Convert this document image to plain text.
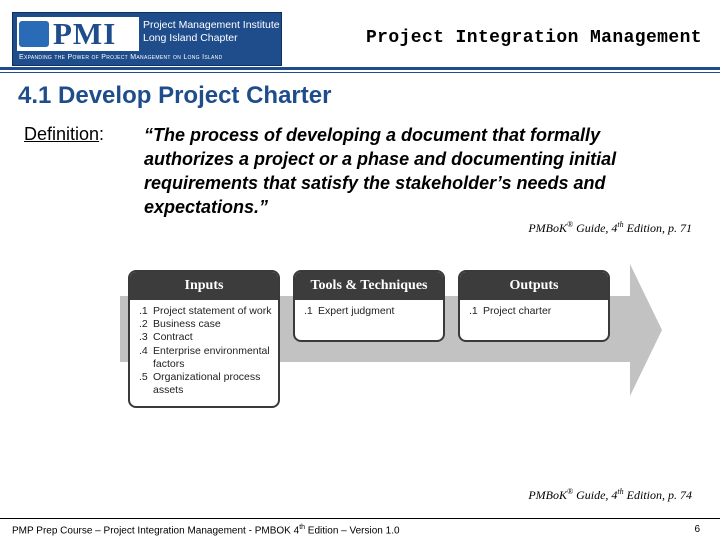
PMI	Project Management Institute
Long Island Chapter
Expanding the Power of Project Management on Long Island
Project Integration Management
4.1 Develop Project Charter
Definition: “The process of developing a document that formally authorizes a project or a phase and documenting initial requirements that satisfy the stakeholder’s needs and expectations.”
PMBoK® Guide, 4th Edition, p. 71
Inputs
.1 Project statement of work
.2 Business case
.3 Contract
.4 Enterprise environmental factors
.5 Organizational process assets
Tools & Techniques
.1 Expert judgment
Outputs
.1 Project charter
PMBoK® Guide, 4th Edition, p. 74
PMP Prep Course – Project Integration Management - PMBOK 4th Edition – Version 1.0	6
